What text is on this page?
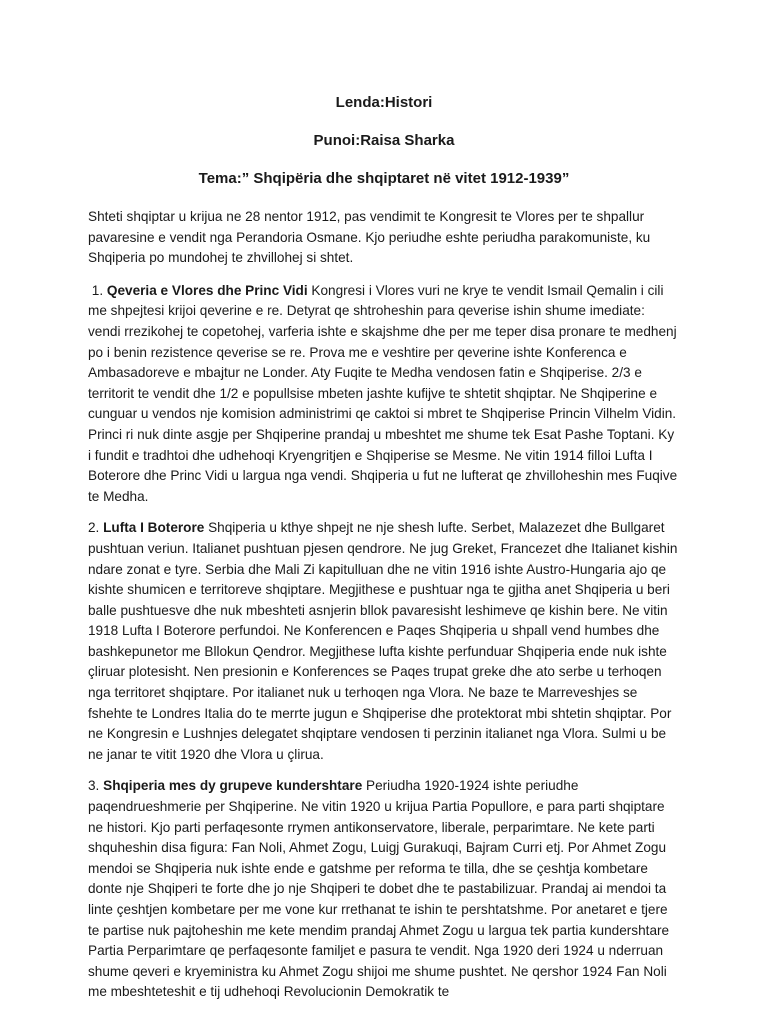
Lenda:Histori
Punoi:Raisa Sharka
Tema:” Shqipëria dhe shqiptaret në vitet 1912-1939”

Shteti shqiptar u krijua ne 28 nentor 1912, pas vendimit te Kongresit te Vlores per te shpallur pavaresine e vendit nga Perandoria Osmane. Kjo periudhe eshte periudha parakomuniste, ku Shqiperia po mundohej te zhvillohej si shtet.

1. Qeveria e Vlores dhe Princ Vidi Kongresi i Vlores vuri ne krye te vendit Ismail Qemalin i cili me shpejtesi krijoi qeverine e re. Detyrat qe shtroheshin para qeverise ishin shume imediate: vendi rrezikohej te copetohej, varferia ishte e skajshme dhe per me teper disa pronare te medhenj po i benin rezistence qeverise se re. Prova me e veshtire per qeverine ishte Konferenca e Ambasadoreve e mbajtur ne Londer. Aty Fuqite te Medha vendosen fatin e Shqiperise. 2/3 e territorit te vendit dhe 1/2 e popullsise mbeten jashte kufijve te shtetit shqiptar. Ne Shqiperine e cunguar u vendos nje komision administrimi qe caktoi si mbret te Shqiperise Princin Vilhelm Vidin. Princi ri nuk dinte asgje per Shqiperine prandaj u mbeshtet me shume tek Esat Pashe Toptani. Ky i fundit e tradhtoi dhe udhehoqi Kryengritjen e Shqiperise se Mesme. Ne vitin 1914 filloi Lufta I Boterore dhe Princ Vidi u largua nga vendi. Shqiperia u fut ne lufterat qe zhvilloheshin mes Fuqive te Medha.

2. Lufta I Boterore Shqiperia u kthye shpejt ne nje shesh lufte. Serbet, Malazezet dhe Bullgaret pushtuan veriun. Italianet pushtuan pjesen qendrore. Ne jug Greket, Francezet dhe Italianet kishin ndare zonat e tyre. Serbia dhe Mali Zi kapitulluan dhe ne vitin 1916 ishte Austro-Hungaria ajo qe kishte shumicen e territoreve shqiptare. Megjithese e pushtuar nga te gjitha anet Shqiperia u beri balle pushtuesve dhe nuk mbeshteti asnjerin bllok pavaresisht leshimeve qe kishin bere. Ne vitin 1918 Lufta I Boterore perfundoi. Ne Konferencen e Paqes Shqiperia u shpall vend humbes dhe bashkepunetor me Bllokun Qendror. Megjithese lufta kishte perfunduar Shqiperia ende nuk ishte çliruar plotesisht. Nen presionin e Konferences se Paqes trupat greke dhe ato serbe u terhoqen nga territoret shqiptare. Por italianet nuk u terhoqen nga Vlora. Ne baze te Marreveshjes se fshehte te Londres Italia do te merrte jugun e Shqiperise dhe protektorat mbi shtetin shqiptar. Por ne Kongresin e Lushnjes delegatet shqiptare vendosen ti perzinin italianet nga Vlora. Sulmi u be ne janar te vitit 1920 dhe Vlora u çlirua.

3. Shqiperia mes dy grupeve kundershtare Periudha 1920-1924 ishte periudhe paqendrueshmerie per Shqiperine. Ne vitin 1920 u krijua Partia Popullore, e para parti shqiptare ne histori. Kjo parti perfaqesonte rrymen antikonservatore, liberale, perparimtare. Ne kete parti shquheshin disa figura: Fan Noli, Ahmet Zogu, Luigj Gurakuqi, Bajram Curri etj. Por Ahmet Zogu mendoi se Shqiperia nuk ishte ende e gatshme per reforma te tilla, dhe se çeshtja kombetare donte nje Shqiperi te forte dhe jo nje Shqiperi te dobet dhe te pastabilizuar. Prandaj ai mendoi ta linte çeshtjen kombetare per me vone kur rrethanat te ishin te pershtatshme. Por anetaret e tjere te partise nuk pajtoheshin me kete mendim prandaj Ahmet Zogu u largua tek partia kundershtare Partia Perparimtare qe perfaqesonte familjet e pasura te vendit. Nga 1920 deri 1924 u nderruan shume qeveri e kryeministra ku Ahmet Zogu shijoi me shume pushtet. Ne qershor 1924 Fan Noli me mbeshteteshit e tij udhehoqi Revolucionin Demokratik te
